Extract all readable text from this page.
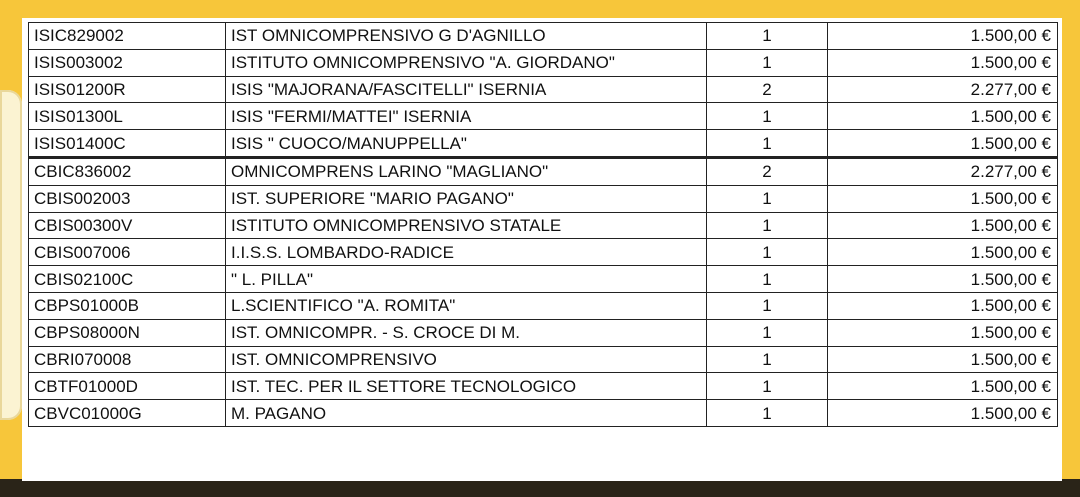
ISIC829002	IST OMNICOMPRENSIVO G D'AGNILLO	1	1.500,00 €
ISIS003002	ISTITUTO OMNICOMPRENSIVO "A. GIORDANO"	1	1.500,00 €
ISIS01200R	ISIS "MAJORANA/FASCITELLI" ISERNIA	2	2.277,00 €
ISIS01300L	ISIS "FERMI/MATTEI" ISERNIA	1	1.500,00 €
ISIS01400C	ISIS " CUOCO/MANUPPELLA"	1	1.500,00 €
CBIC836002	OMNICOMPRENS LARINO "MAGLIANO"	2	2.277,00 €
CBIS002003	IST. SUPERIORE "MARIO PAGANO"	1	1.500,00 €
CBIS00300V	ISTITUTO OMNICOMPRENSIVO STATALE	1	1.500,00 €
CBIS007006	I.I.S.S. LOMBARDO-RADICE	1	1.500,00 €
CBIS02100C	" L. PILLA"	1	1.500,00 €
CBPS01000B	L.SCIENTIFICO "A. ROMITA"	1	1.500,00 €
CBPS08000N	IST. OMNICOMPR. - S. CROCE DI M.	1	1.500,00 €
CBRI070008	IST. OMNICOMPRENSIVO	1	1.500,00 €
CBTF01000D	IST. TEC. PER IL SETTORE TECNOLOGICO	1	1.500,00 €
CBVC01000G	M. PAGANO	1	1.500,00 €
